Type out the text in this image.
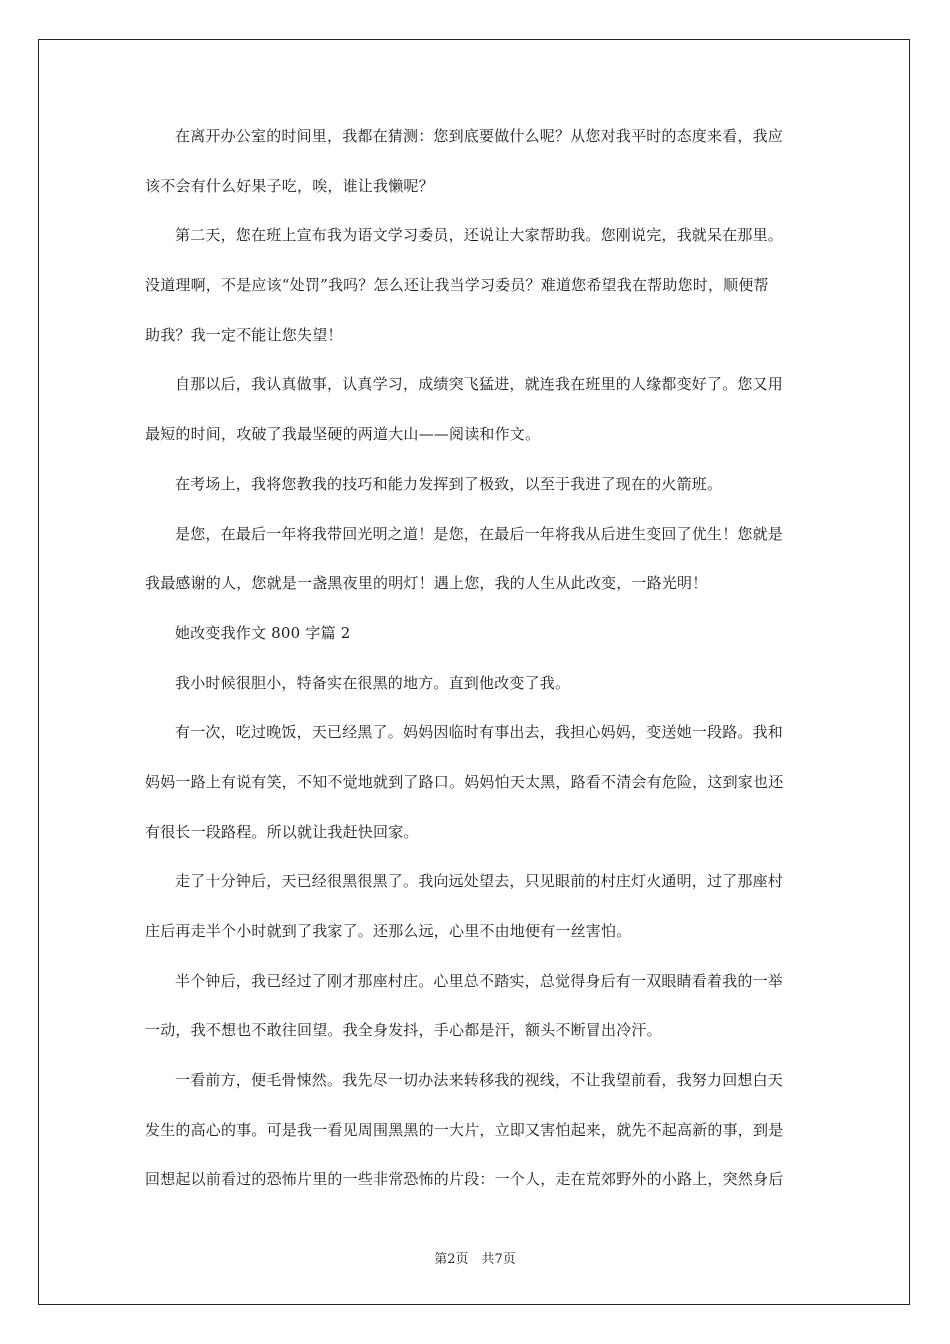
在离开办公室的时间里，我都在猜测：您到底要做什么呢？从您对我平时的态度来看，我应
该不会有什么好果子吃，唉，谁让我懒呢？
第二天，您在班上宣布我为语文学习委员，还说让大家帮助我。您刚说完，我就呆在那里。
没道理啊，不是应该“处罚”我吗？怎么还让我当学习委员？难道您希望我在帮助您时，顺便帮
助我？我一定不能让您失望！
自那以后，我认真做事，认真学习，成绩突飞猛进，就连我在班里的人缘都变好了。您又用
最短的时间，攻破了我最坚硬的两道大山——阅读和作文。
在考场上，我将您教我的技巧和能力发挥到了极致，以至于我进了现在的火箭班。
是您，在最后一年将我带回光明之道！是您，在最后一年将我从后进生变回了优生！您就是
我最感谢的人，您就是一盏黑夜里的明灯！遇上您，我的人生从此改变，一路光明！
她改变我作文 800 字篇 2
我小时候很胆小，特备实在很黑的地方。直到他改变了我。
有一次，吃过晚饭，天已经黑了。妈妈因临时有事出去，我担心妈妈，变送她一段路。我和
妈妈一路上有说有笑，不知不觉地就到了路口。妈妈怕天太黑，路看不清会有危险，这到家也还
有很长一段路程。所以就让我赶快回家。
走了十分钟后，天已经很黑很黑了。我向远处望去，只见眼前的村庄灯火通明，过了那座村
庄后再走半个小时就到了我家了。还那么远，心里不由地便有一丝害怕。
半个钟后，我已经过了刚才那座村庄。心里总不踏实，总觉得身后有一双眼睛看着我的一举
一动，我不想也不敢往回望。我全身发抖，手心都是汗，额头不断冒出冷汗。
一看前方，便毛骨悚然。我先尽一切办法来转移我的视线，不让我望前看，我努力回想白天
发生的高心的事。可是我一看见周围黑黑的一大片，立即又害怕起来，就先不起高新的事，到是
回想起以前看过的恐怖片里的一些非常恐怖的片段：一个人，走在荒郊野外的小路上，突然身后
第2页　共7页
